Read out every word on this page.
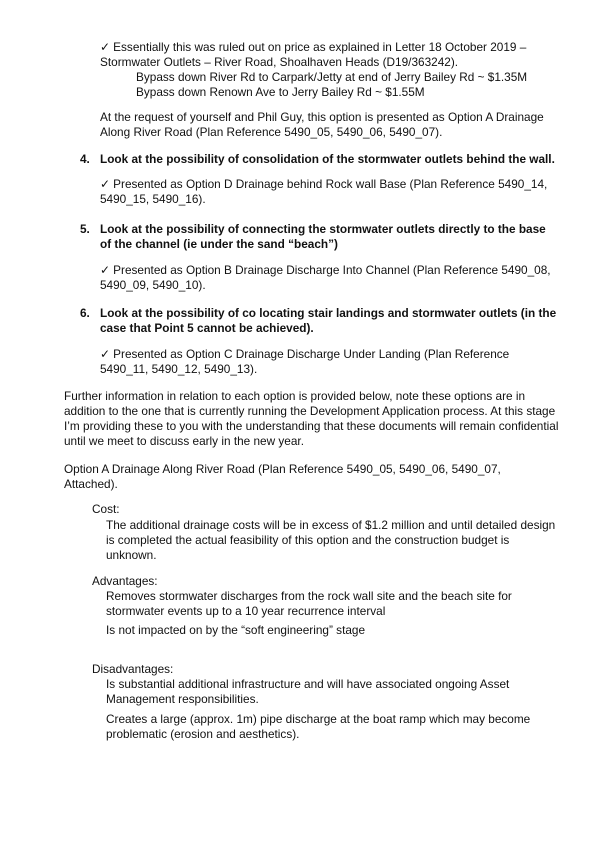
✓ Essentially this was ruled out on price as explained in Letter 18 October 2019 –
Stormwater Outlets – River Road, Shoalhaven Heads (D19/363242).
Bypass down River Rd to Carpark/Jetty at end of Jerry Bailey Rd ~ $1.35M
Bypass down Renown Ave to Jerry Bailey Rd ~ $1.55M
At the request of yourself and Phil Guy, this option is presented as Option A Drainage
Along River Road (Plan Reference 5490_05, 5490_06, 5490_07).
4. Look at the possibility of consolidation of the stormwater outlets behind the wall.
✓ Presented as Option D Drainage behind Rock wall Base (Plan Reference 5490_14,
5490_15, 5490_16).
5. Look at the possibility of connecting the stormwater outlets directly to the base
of the channel (ie under the sand “beach”)
✓ Presented as Option B Drainage Discharge Into Channel (Plan Reference 5490_08,
5490_09, 5490_10).
6. Look at the possibility of co locating stair landings and stormwater outlets (in the
case that Point 5 cannot be achieved).
✓ Presented as Option C Drainage Discharge Under Landing (Plan Reference
5490_11, 5490_12, 5490_13).
Further information in relation to each option is provided below, note these options are in
addition to the one that is currently running the Development Application process. At this stage
I’m providing these to you with the understanding that these documents will remain confidential
until we meet to discuss early in the new year.
Option A Drainage Along River Road (Plan Reference 5490_05, 5490_06, 5490_07,
Attached).
Cost:
The additional drainage costs will be in excess of $1.2 million and until detailed design
is completed the actual feasibility of this option and the construction budget is
unknown.
Advantages:
Removes stormwater discharges from the rock wall site and the beach site for
stormwater events up to a 10 year recurrence interval
Is not impacted on by the “soft engineering” stage
Disadvantages:
Is substantial additional infrastructure and will have associated ongoing Asset
Management responsibilities.
Creates a large (approx. 1m) pipe discharge at the boat ramp which may become
problematic (erosion and aesthetics).
